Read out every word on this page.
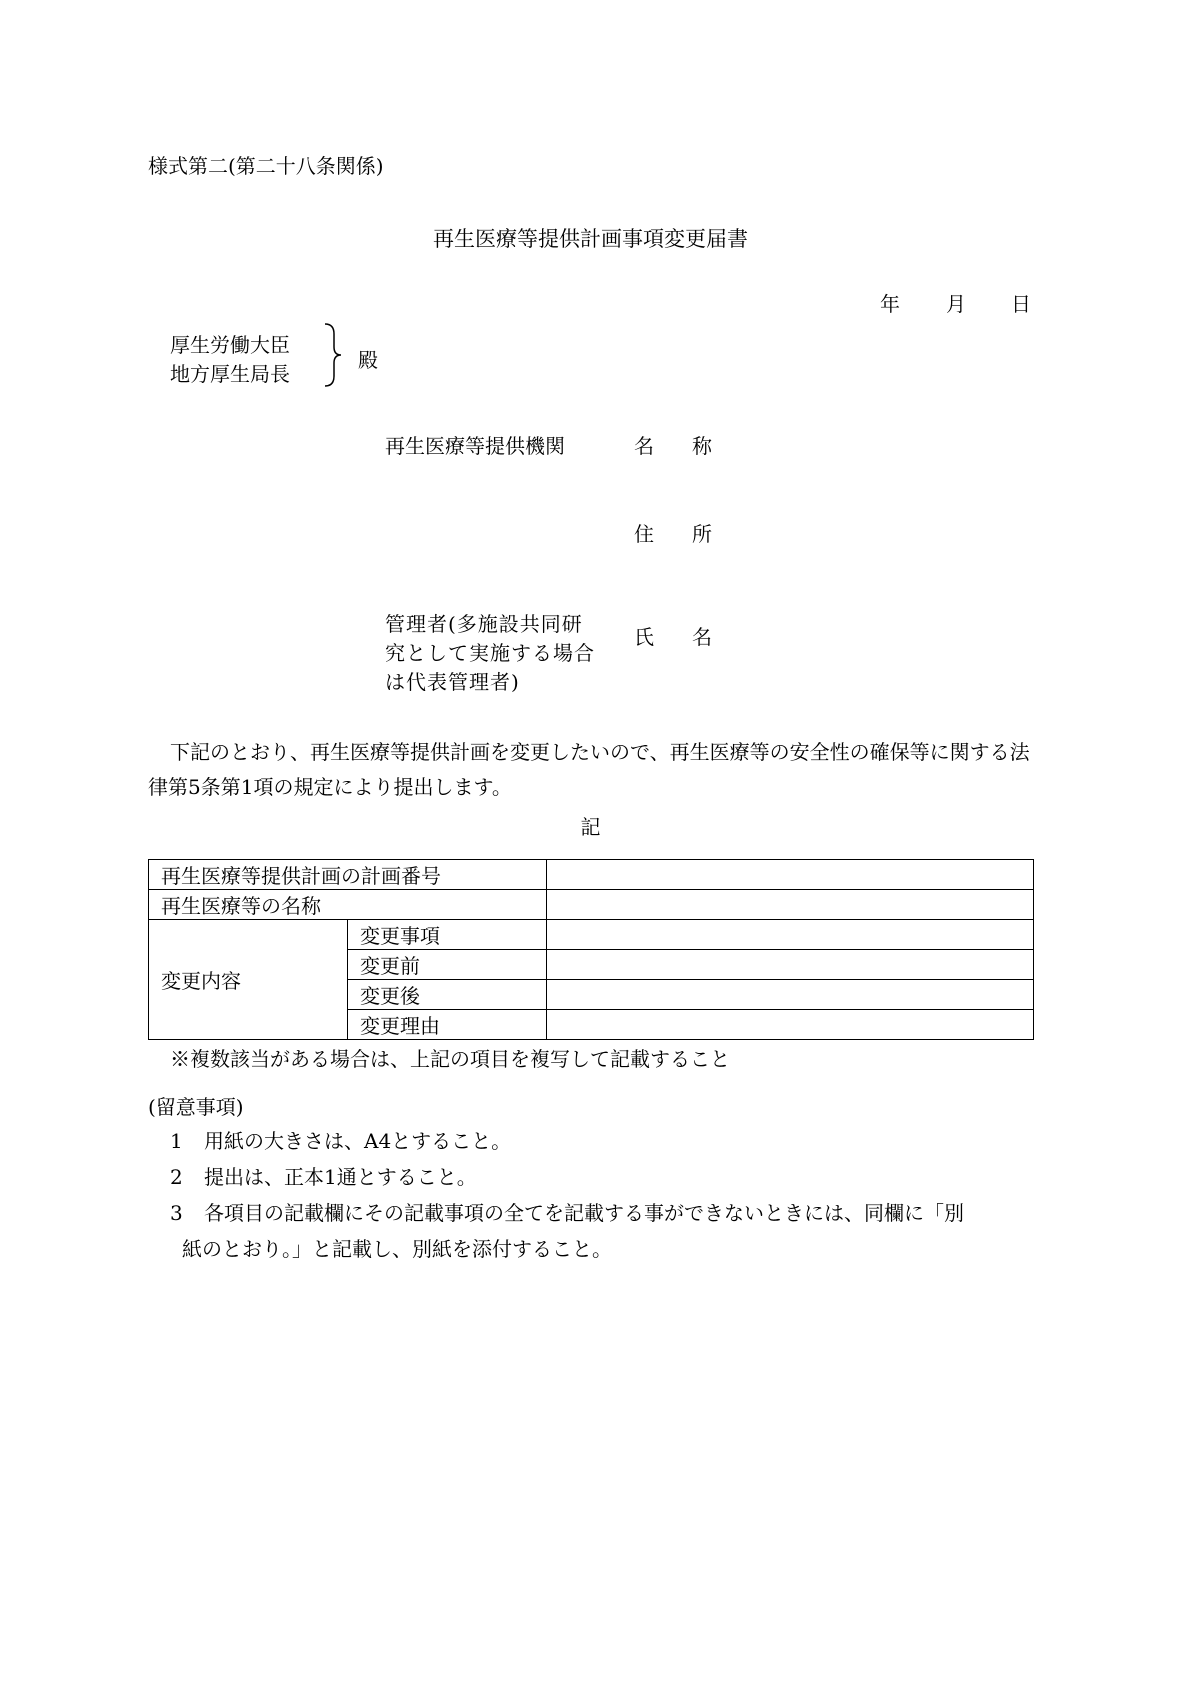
様式第二(第二十八条関係)
再生医療等提供計画事項変更届書
年 月 日
厚生労働大臣
地方厚生局長
殿
再生医療等提供機関	名 称
住 所
管理者(多施設共同研
究として実施する場合
は代表管理者)
氏 名
下記のとおり、再生医療等提供計画を変更したいので、再生医療等の安全性の確保等に関する法律第5条第1項の規定により提出します。
記
再生医療等提供計画の計画番号		
再生医療等の名称		
変更内容	変更事項	
	変更前	
	変更後	
	変更理由	
※複数該当がある場合は、上記の項目を複写して記載すること
(留意事項)
1 用紙の大きさは、A4とすること。
2 提出は、正本1通とすること。
3 各項目の記載欄にその記載事項の全てを記載する事ができないときには、同欄に「別
紙のとおり。」と記載し、別紙を添付すること。
